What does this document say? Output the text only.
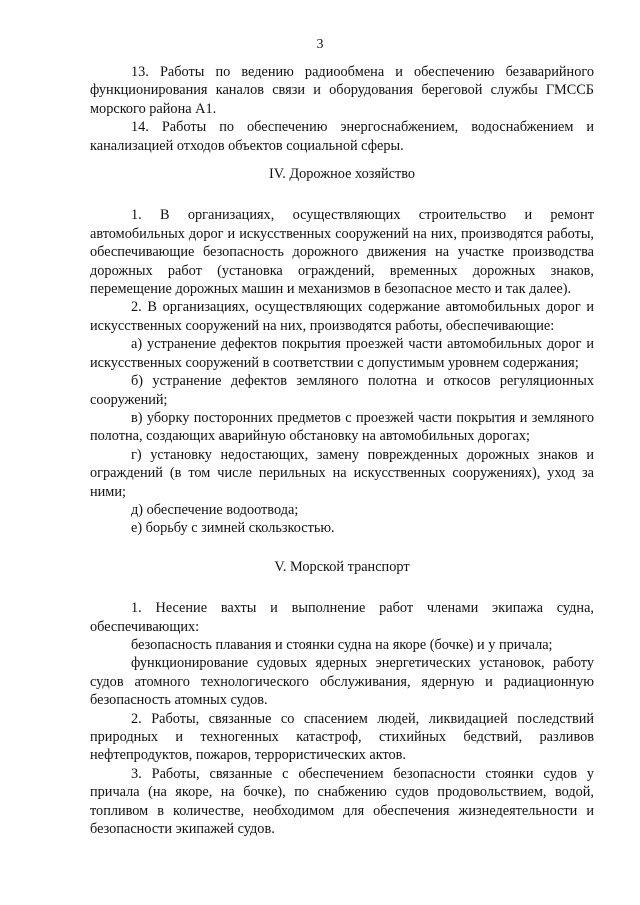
3

13. Работы по ведению радиообмена и обеспечению безаварийного функционирования каналов связи и оборудования береговой службы ГМССБ морского района А1.

14. Работы по обеспечению энергоснабжением, водоснабжением и канализацией отходов объектов социальной сферы.

IV. Дорожное хозяйство

1. В организациях, осуществляющих строительство и ремонт автомобильных дорог и искусственных сооружений на них, производятся работы, обеспечивающие безопасность дорожного движения на участке производства дорожных работ (установка ограждений, временных дорожных знаков, перемещение дорожных машин и механизмов в безопасное место и так далее).

2. В организациях, осуществляющих содержание автомобильных дорог и искусственных сооружений на них, производятся работы, обеспечивающие:

а) устранение дефектов покрытия проезжей части автомобильных дорог и искусственных сооружений в соответствии с допустимым уровнем содержания;

б) устранение дефектов земляного полотна и откосов регуляционных сооружений;

в) уборку посторонних предметов с проезжей части покрытия и земляного полотна, создающих аварийную обстановку на автомобильных дорогах;

г) установку недостающих, замену поврежденных дорожных знаков и ограждений (в том числе перильных на искусственных сооружениях), уход за ними;

д) обеспечение водоотвода;

е) борьбу с зимней скользкостью.

V. Морской транспорт

1. Несение вахты и выполнение работ членами экипажа судна, обеспечивающих:

безопасность плавания и стоянки судна на якоре (бочке) и у причала;

функционирование судовых ядерных энергетических установок, работу судов атомного технологического обслуживания, ядерную и радиационную безопасность атомных судов.

2. Работы, связанные со спасением людей, ликвидацией последствий природных и техногенных катастроф, стихийных бедствий, разливов нефтепродуктов, пожаров, террористических актов.

3. Работы, связанные с обеспечением безопасности стоянки судов у причала (на якоре, на бочке), по снабжению судов продовольствием, водой, топливом в количестве, необходимом для обеспечения жизнедеятельности и безопасности экипажей судов.
